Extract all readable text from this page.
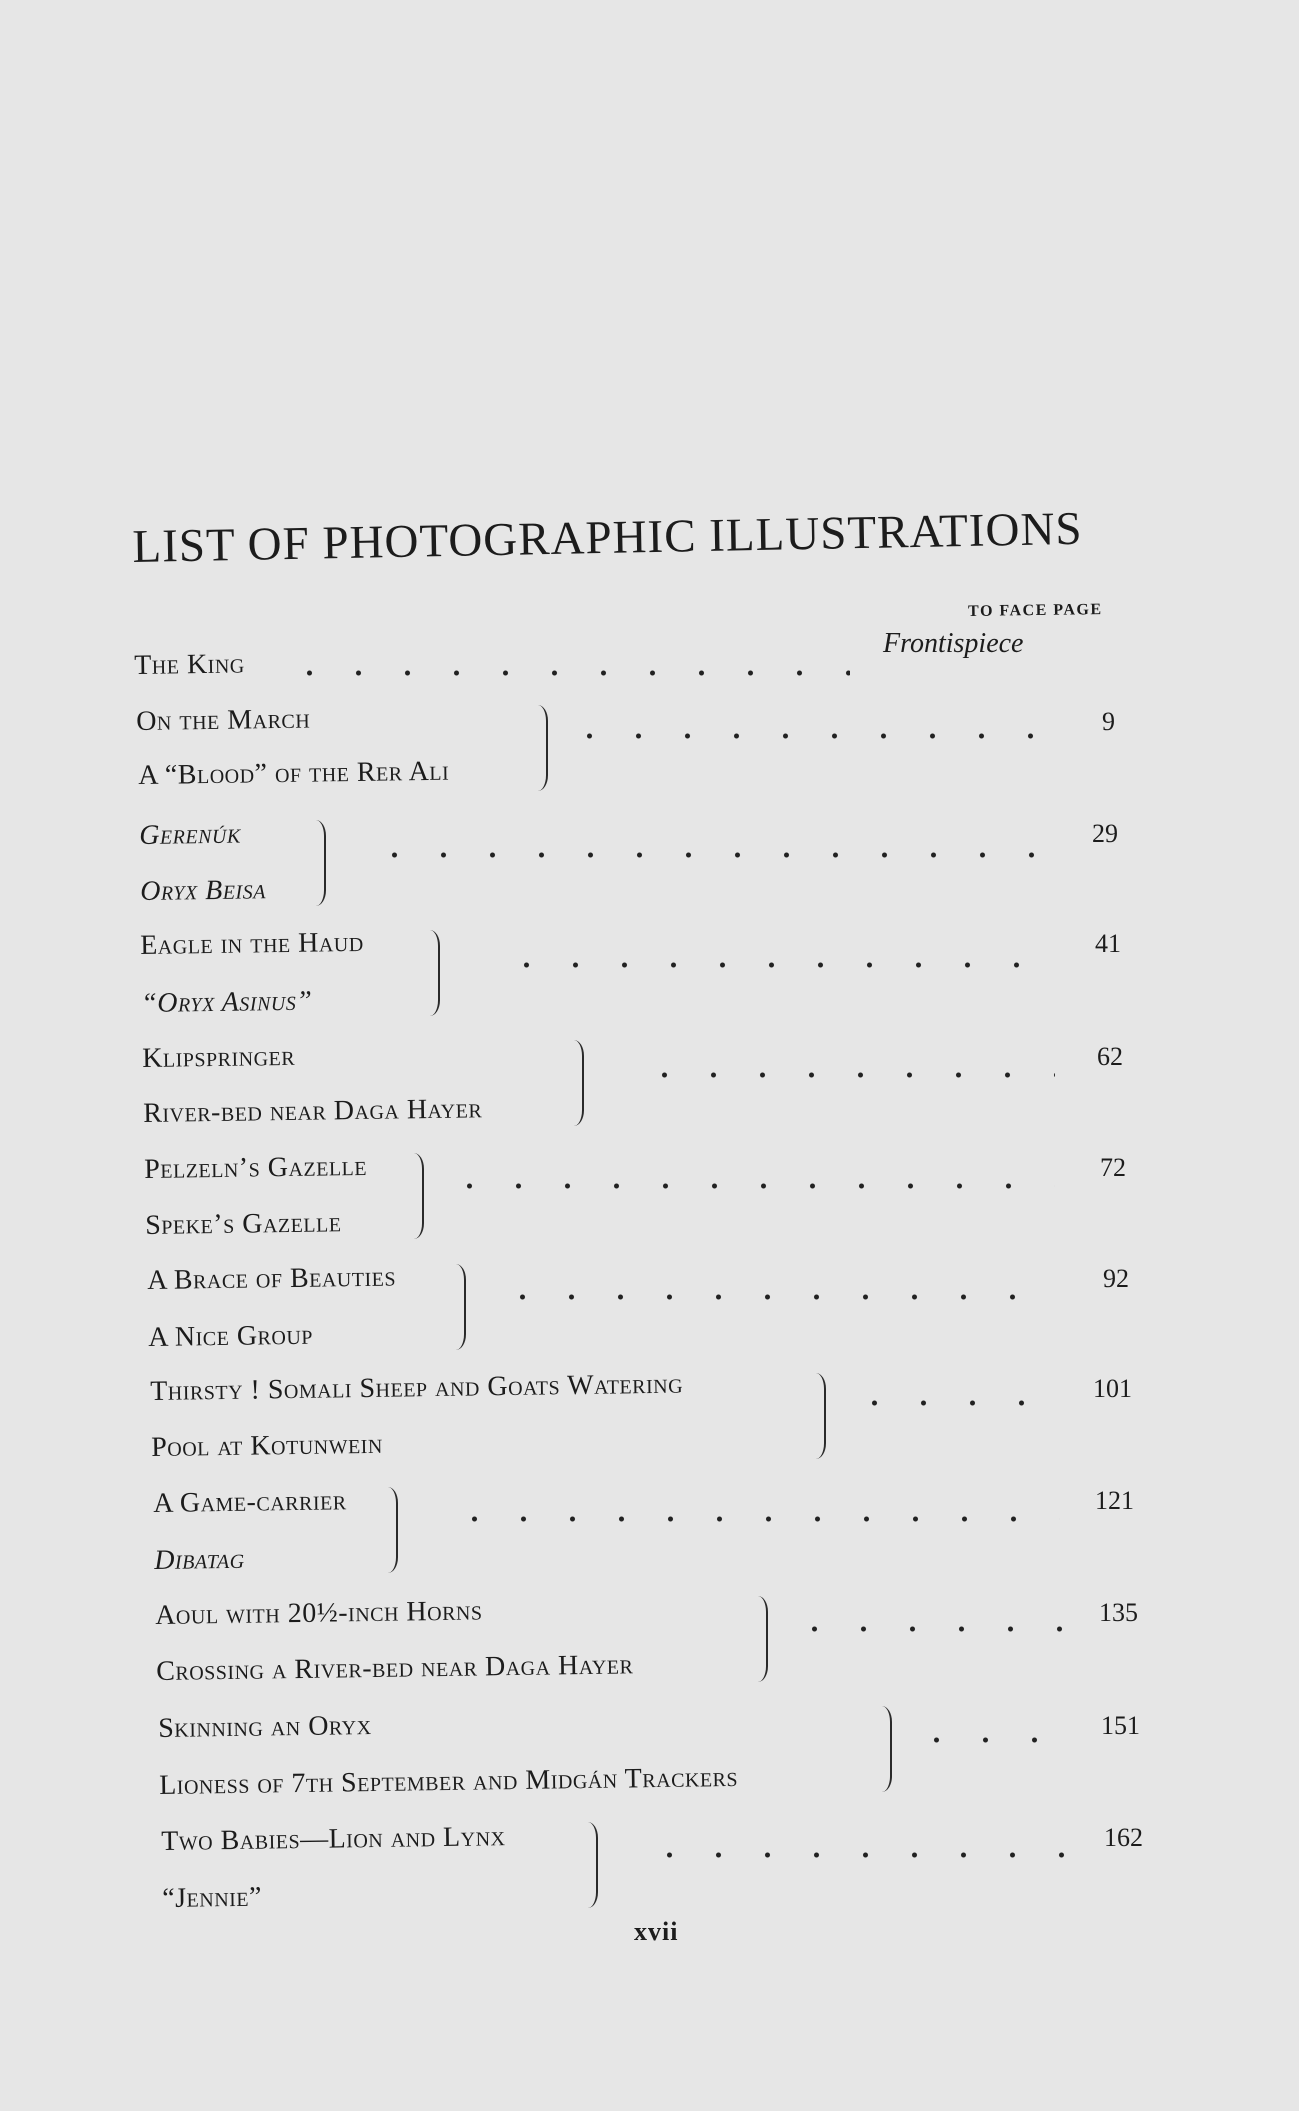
LIST OF PHOTOGRAPHIC ILLUSTRATIONS
TO FACE PAGE
The King
Frontispiece
On the March
A “Blood” of the Rer Ali
9
Gerenúk
Oryx Beisa
29
Eagle in the Haud
“Oryx Asinus”
41
Klipspringer
River-bed near Daga Hayer
62
Pelzeln’s Gazelle
Speke’s Gazelle
72
A Brace of Beauties
A Nice Group
92
Thirsty ! Somali Sheep and Goats Watering
Pool at Kotunwein
101
A Game-carrier
Dibatag
121
Aoul with 20½-inch Horns
Crossing a River-bed near Daga Hayer
135
Skinning an Oryx
Lioness of 7th September and Midgán Trackers
151
Two Babies—Lion and Lynx
“Jennie”
162
xvii
